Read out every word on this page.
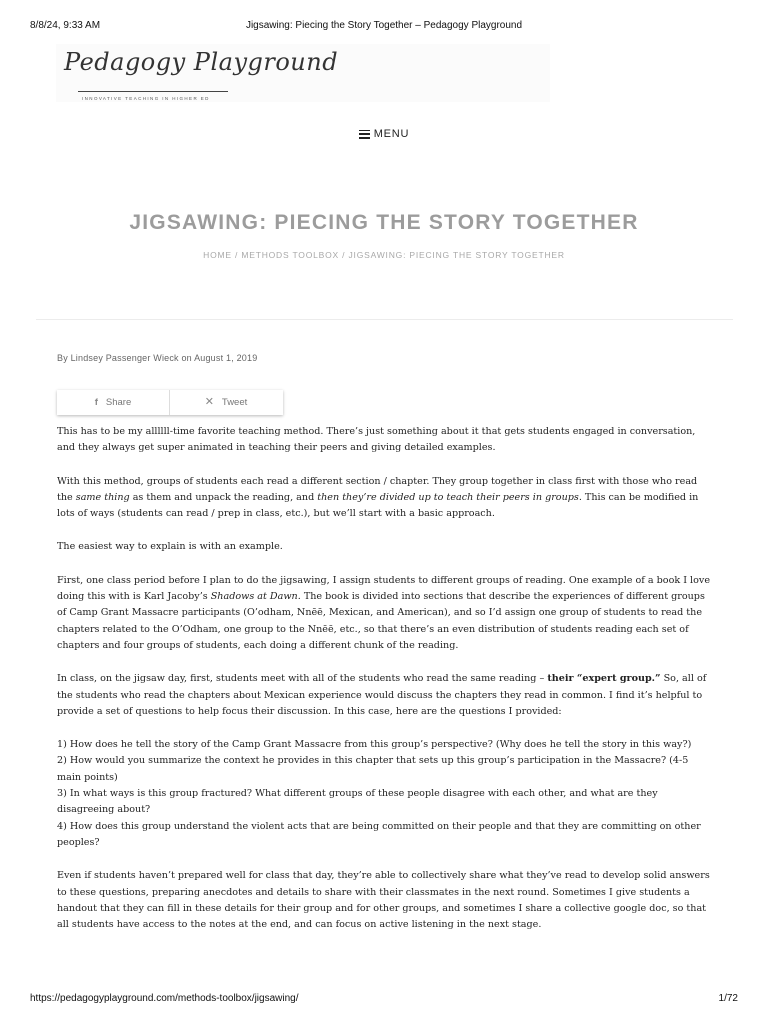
8/8/24, 9:33 AM	Jigsawing: Piecing the Story Together – Pedagogy Playground
Pedagogy Playground
INNOVATIVE TEACHING IN HIGHER ED
MENU
JIGSAWING: PIECING THE STORY TOGETHER
HOME / METHODS TOOLBOX / JIGSAWING: PIECING THE STORY TOGETHER
By Lindsey Passenger Wieck on August 1, 2019
f Share	✕ Tweet

This has to be my allllll-time favorite teaching method. There’s just something about it that gets students engaged in conversation, and they always get super animated in teaching their peers and giving detailed examples.

With this method, groups of students each read a different section / chapter. They group together in class first with those who read the same thing as them and unpack the reading, and then they’re divided up to teach their peers in groups. This can be modified in lots of ways (students can read / prep in class, etc.), but we’ll start with a basic approach.

The easiest way to explain is with an example.

First, one class period before I plan to do the jigsawing, I assign students to different groups of reading. One example of a book I love doing this with is Karl Jacoby’s Shadows at Dawn. The book is divided into sections that describe the experiences of different groups of Camp Grant Massacre participants (O’odham, Nnēē, Mexican, and American), and so I’d assign one group of students to read the chapters related to the O’Odham, one group to the Nnēē, etc., so that there’s an even distribution of students reading each set of chapters and four groups of students, each doing a different chunk of the reading.

In class, on the jigsaw day, first, students meet with all of the students who read the same reading – their “expert group.” So, all of the students who read the chapters about Mexican experience would discuss the chapters they read in common. I find it’s helpful to provide a set of questions to help focus their discussion. In this case, here are the questions I provided:

1) How does he tell the story of the Camp Grant Massacre from this group’s perspective? (Why does he tell the story in this way?)

2) How would you summarize the context he provides in this chapter that sets up this group’s participation in the Massacre? (4-5 main points)

3) In what ways is this group fractured? What different groups of these people disagree with each other, and what are they disagreeing about?

4) How does this group understand the violent acts that are being committed on their people and that they are committing on other peoples?

Even if students haven’t prepared well for class that day, they’re able to collectively share what they’ve read to develop solid answers to these questions, preparing anecdotes and details to share with their classmates in the next round. Sometimes I give students a handout that they can fill in these details for their group and for other groups, and sometimes I share a collective google doc, so that all students have access to the notes at the end, and can focus on active listening in the next stage.

https://pedagogyplayground.com/methods-toolbox/jigsawing/	1/72
